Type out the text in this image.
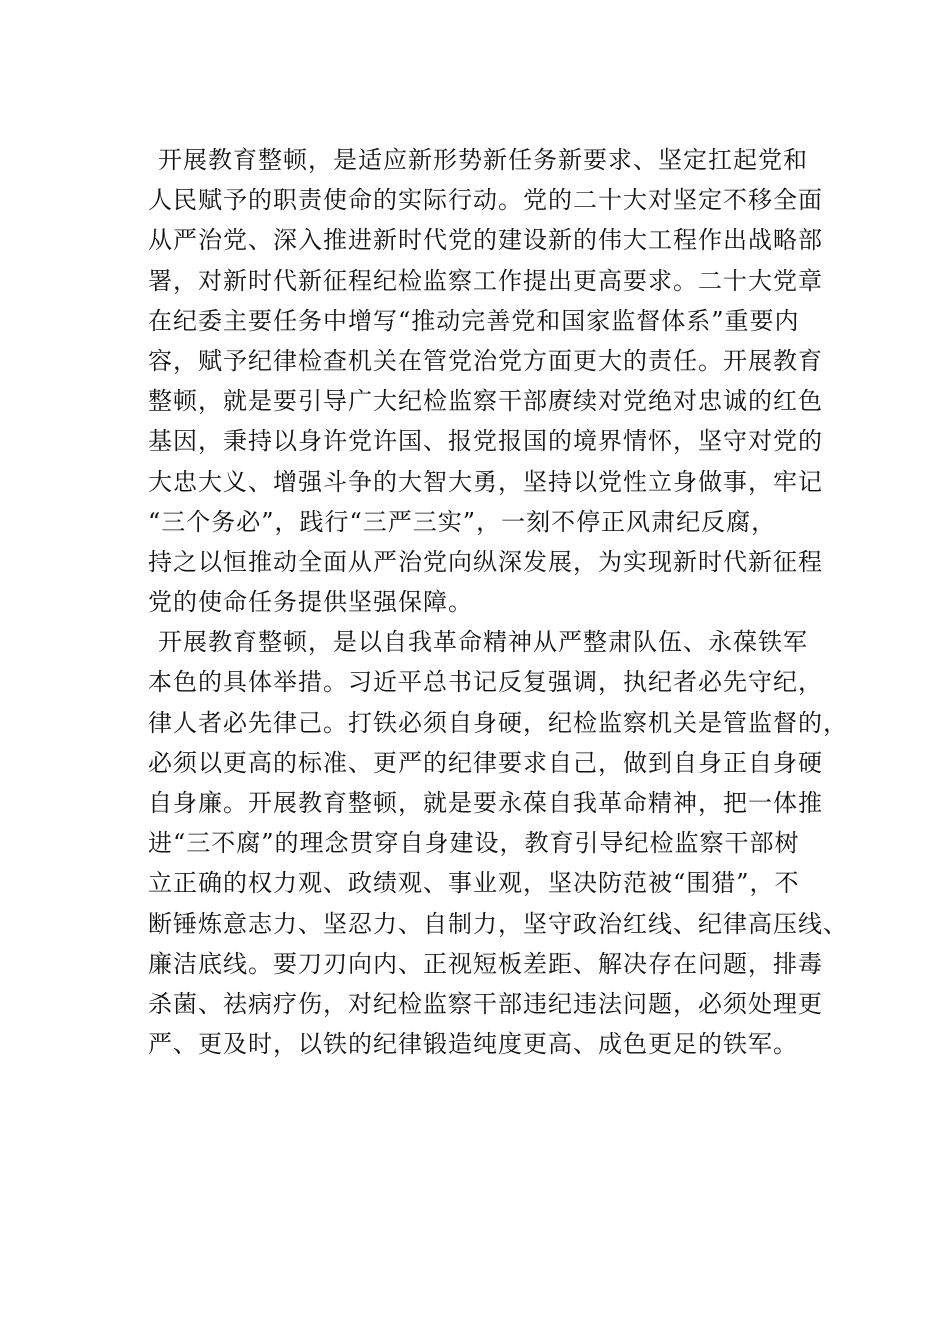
开展教育整顿，是适应新形势新任务新要求、坚定扛起党和
人民赋予的职责使命的实际行动。党的二十大对坚定不移全面
从严治党、深入推进新时代党的建设新的伟大工程作出战略部
署，对新时代新征程纪检监察工作提出更高要求。二十大党章
在纪委主要任务中增写“推动完善党和国家监督体系”重要内
容，赋予纪律检查机关在管党治党方面更大的责任。开展教育
整顿，就是要引导广大纪检监察干部赓续对党绝对忠诚的红色
基因，秉持以身许党许国、报党报国的境界情怀，坚守对党的
大忠大义、增强斗争的大智大勇，坚持以党性立身做事，牢记
“三个务必”，践行“三严三实”，一刻不停正风肃纪反腐，
持之以恒推动全面从严治党向纵深发展，为实现新时代新征程
党的使命任务提供坚强保障。
开展教育整顿，是以自我革命精神从严整肃队伍、永葆铁军
本色的具体举措。习近平总书记反复强调，执纪者必先守纪，
律人者必先律己。打铁必须自身硬，纪检监察机关是管监督的，
必须以更高的标准、更严的纪律要求自己，做到自身正自身硬
自身廉。开展教育整顿，就是要永葆自我革命精神，把一体推
进“三不腐”的理念贯穿自身建设，教育引导纪检监察干部树
立正确的权力观、政绩观、事业观，坚决防范被“围猎”，不
断锤炼意志力、坚忍力、自制力，坚守政治红线、纪律高压线、
廉洁底线。要刀刃向内、正视短板差距、解决存在问题，排毒
杀菌、祛病疗伤，对纪检监察干部违纪违法问题，必须处理更
严、更及时，以铁的纪律锻造纯度更高、成色更足的铁军。
